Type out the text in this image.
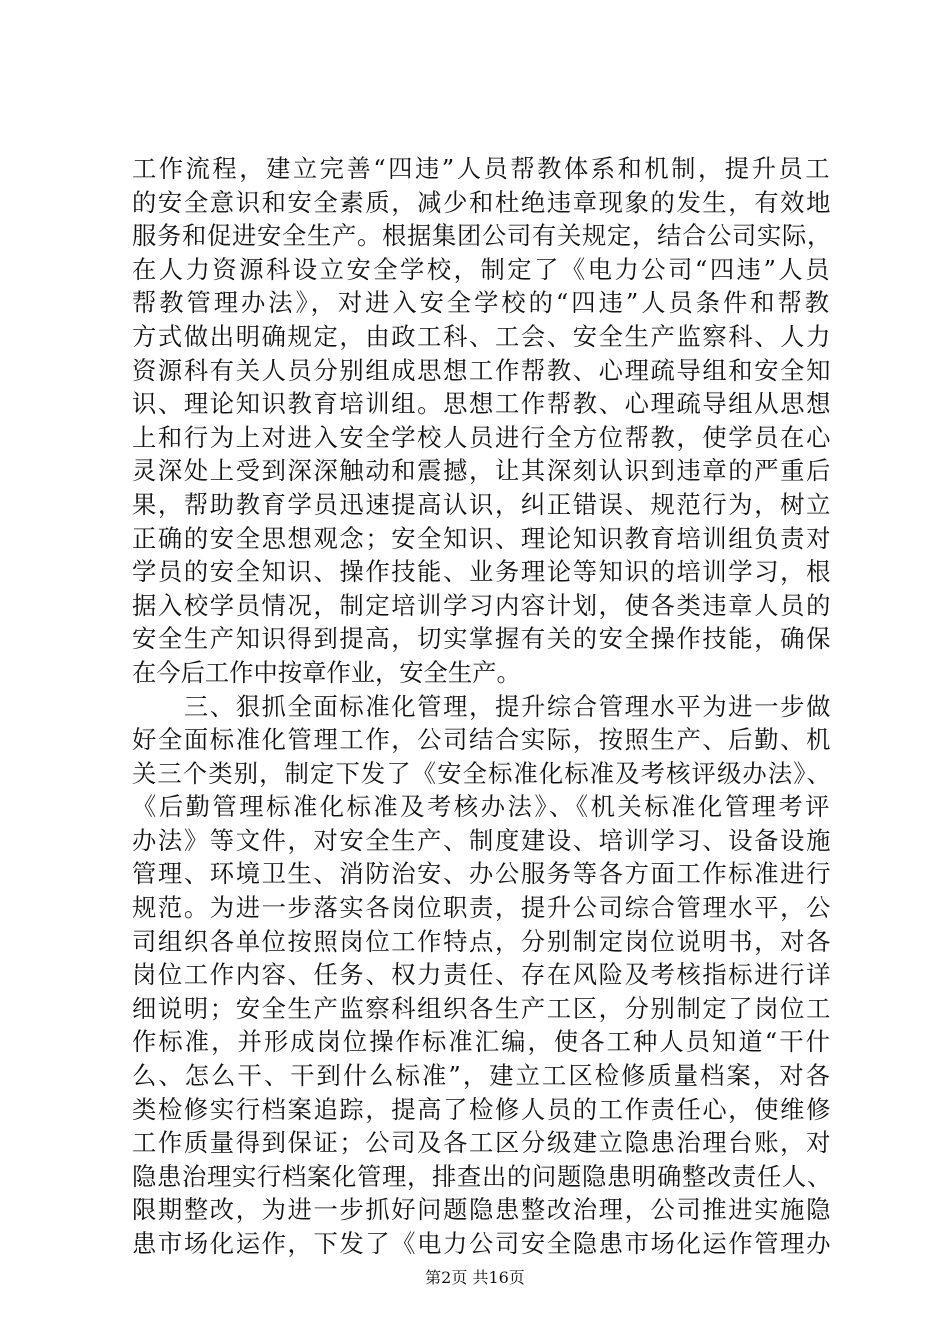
工作流程，建立完善“四违”人员帮教体系和机制，提升员工
的安全意识和安全素质，减少和杜绝违章现象的发生，有效地
服务和促进安全生产。根据集团公司有关规定，结合公司实际，
在人力资源科设立安全学校，制定了《电力公司“四违”人员
帮教管理办法》，对进入安全学校的“四违”人员条件和帮教
方式做出明确规定，由政工科、工会、安全生产监察科、人力
资源科有关人员分别组成思想工作帮教、心理疏导组和安全知
识、理论知识教育培训组。思想工作帮教、心理疏导组从思想
上和行为上对进入安全学校人员进行全方位帮教，使学员在心
灵深处上受到深深触动和震撼，让其深刻认识到违章的严重后
果，帮助教育学员迅速提高认识，纠正错误、规范行为，树立
正确的安全思想观念；安全知识、理论知识教育培训组负责对
学员的安全知识、操作技能、业务理论等知识的培训学习，根
据入校学员情况，制定培训学习内容计划，使各类违章人员的
安全生产知识得到提高，切实掌握有关的安全操作技能，确保
在今后工作中按章作业，安全生产。
　　三、狠抓全面标准化管理，提升综合管理水平为进一步做
好全面标准化管理工作，公司结合实际，按照生产、后勤、机
关三个类别，制定下发了《安全标准化标准及考核评级办法》、
《后勤管理标准化标准及考核办法》、《机关标准化管理考评
办法》等文件，对安全生产、制度建设、培训学习、设备设施
管理、环境卫生、消防治安、办公服务等各方面工作标准进行
规范。为进一步落实各岗位职责，提升公司综合管理水平，公
司组织各单位按照岗位工作特点，分别制定岗位说明书，对各
岗位工作内容、任务、权力责任、存在风险及考核指标进行详
细说明；安全生产监察科组织各生产工区，分别制定了岗位工
作标准，并形成岗位操作标准汇编，使各工种人员知道“干什
么、怎么干、干到什么标准”，建立工区检修质量档案，对各
类检修实行档案追踪，提高了检修人员的工作责任心，使维修
工作质量得到保证；公司及各工区分级建立隐患治理台账，对
隐患治理实行档案化管理，排查出的问题隐患明确整改责任人、
限期整改，为进一步抓好问题隐患整改治理，公司推进实施隐
患市场化运作，下发了《电力公司安全隐患市场化运作管理办
第2页 共16页
